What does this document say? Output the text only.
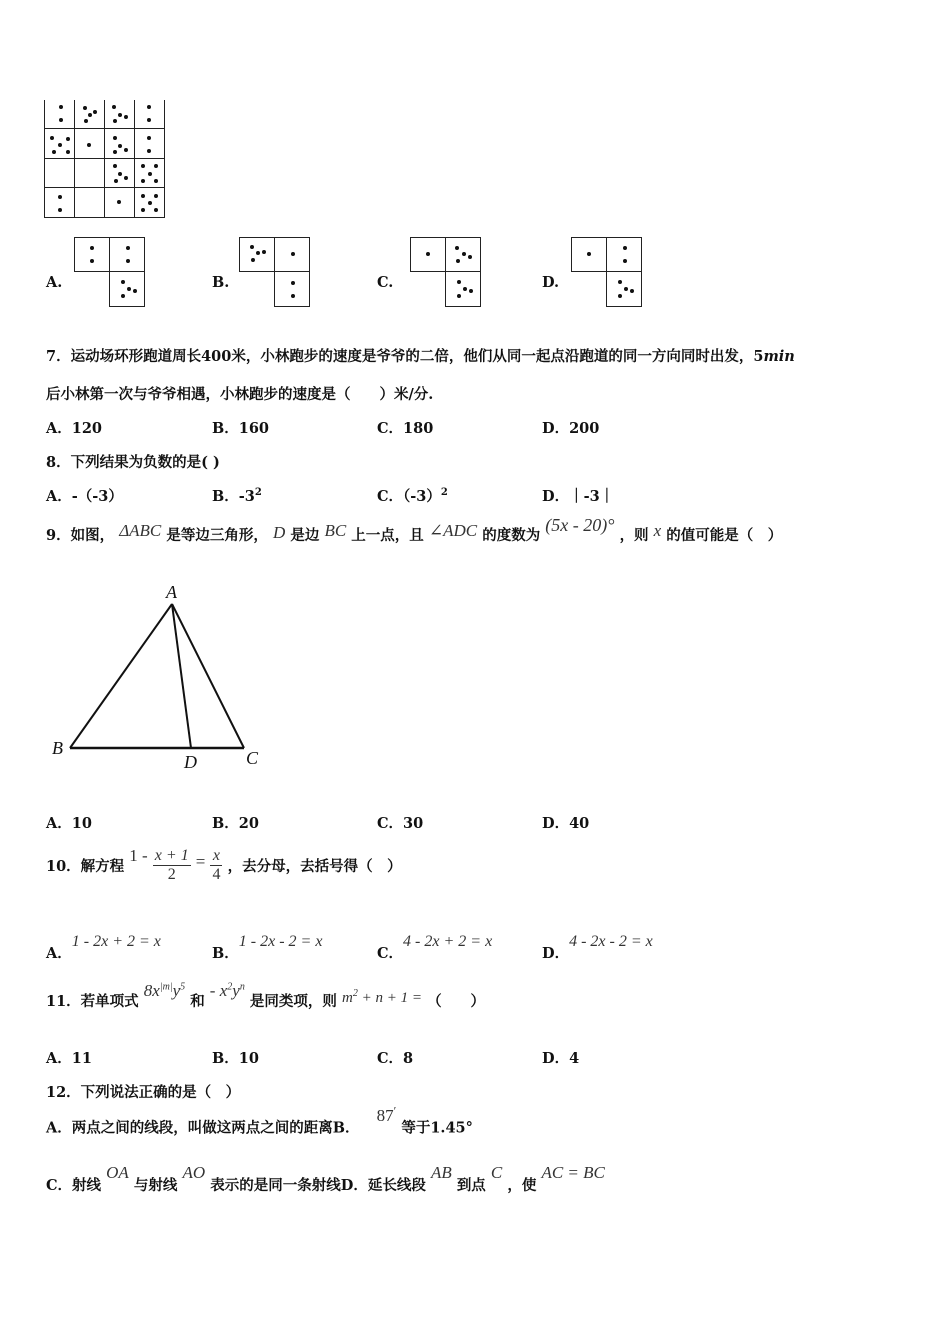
A.	B.	C.	D.
7．运动场环形跑道周长400米，小林跑步的速度是爷爷的二倍，他们从同一起点沿跑道的同一方向同时出发，5min
后小林第一次与爷爷相遇，小林跑步的速度是（　　）米/分.
A．120	B．160	C．180	D．200
8．下列结果为负数的是( )
A．-（-3）	B．$-3^2$	C．$(-3)^2$	D．｜-3｜
9．如图， ΔABC 是等边三角形， D 是边 BC 上一点，且 ∠ADC 的度数为 (5x - 20)° ，则 x 的值可能是（　）
A
B	C
D
A．10	B．20	C．30	D．40
10．解方程 $1 - \frac{x + 1}{2} = \frac{x}{4}$ ，去分母，去括号得（　）
A．1 - 2x + 2 = x
B．1 - 2x - 2 = x
C．4 - 2x + 2 = x
D．4 - 2x - 2 = x
11．若单项式 $8x^{|m|}y^5$ 和 - $x^2y^n$ 是同类项，则 $m^2 + n + 1$ = （　　）
A．11	B．10	C．8	D．4
12．下列说法正确的是（　）
A．两点之间的线段，叫做这两点之间的距离B． 87′ 等于1.45°
C．射线 OA 与射线 AO 表示的是同一条射线D．延长线段 AB 到点 C ，使 AC = BC
